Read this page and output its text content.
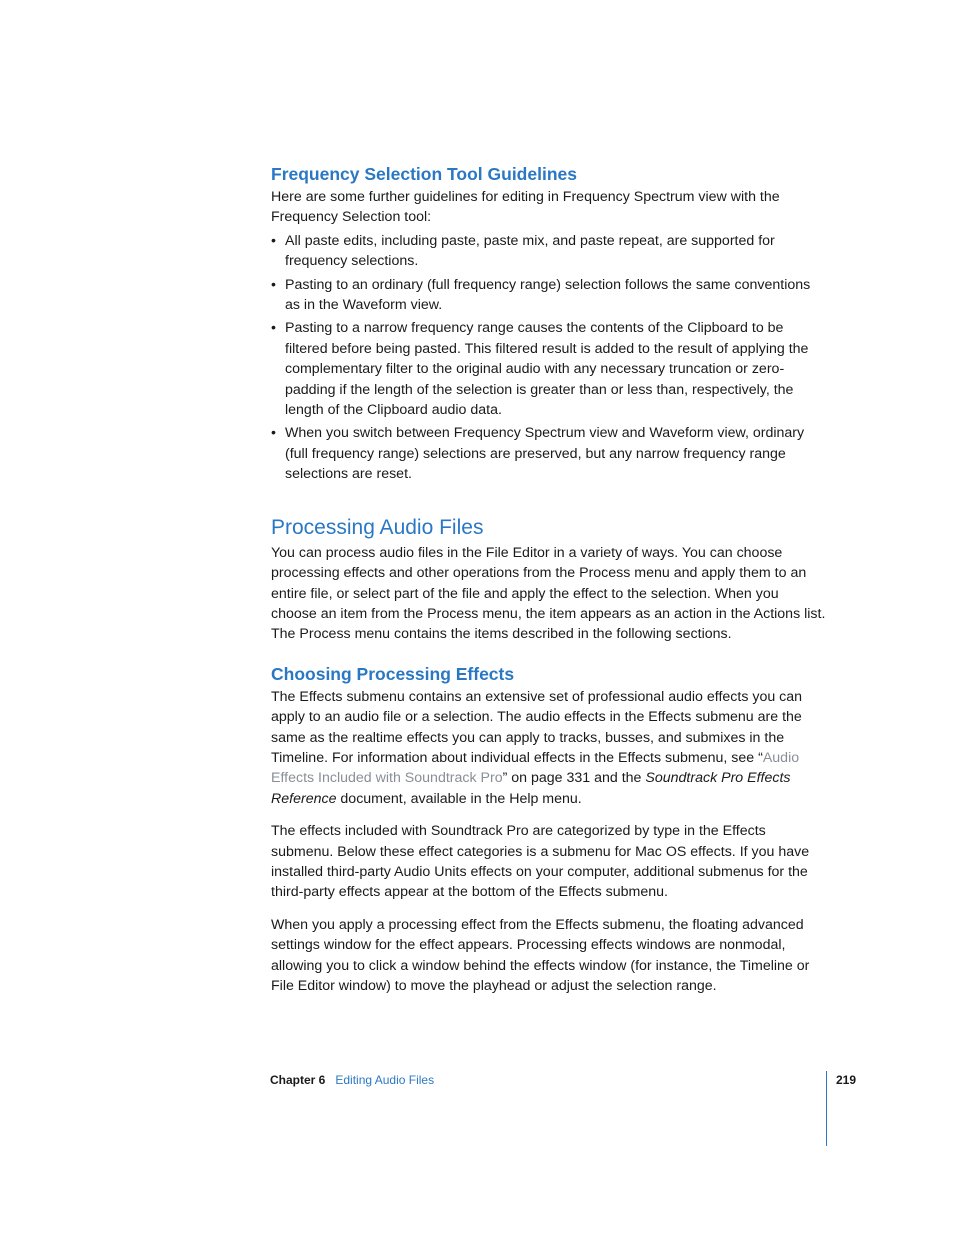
Frequency Selection Tool Guidelines

Here are some further guidelines for editing in Frequency Spectrum view with the Frequency Selection tool:

• All paste edits, including paste, paste mix, and paste repeat, are supported for frequency selections.
• Pasting to an ordinary (full frequency range) selection follows the same conventions as in the Waveform view.
• Pasting to a narrow frequency range causes the contents of the Clipboard to be filtered before being pasted. This filtered result is added to the result of applying the complementary filter to the original audio with any necessary truncation or zero-padding if the length of the selection is greater than or less than, respectively, the length of the Clipboard audio data.
• When you switch between Frequency Spectrum view and Waveform view, ordinary (full frequency range) selections are preserved, but any narrow frequency range selections are reset.
Processing Audio Files

You can process audio files in the File Editor in a variety of ways. You can choose processing effects and other operations from the Process menu and apply them to an entire file, or select part of the file and apply the effect to the selection. When you choose an item from the Process menu, the item appears as an action in the Actions list. The Process menu contains the items described in the following sections.

Choosing Processing Effects

The Effects submenu contains an extensive set of professional audio effects you can apply to an audio file or a selection. The audio effects in the Effects submenu are the same as the realtime effects you can apply to tracks, busses, and submixes in the Timeline. For information about individual effects in the Effects submenu, see “Audio Effects Included with Soundtrack Pro” on page 331 and the Soundtrack Pro Effects Reference document, available in the Help menu.

The effects included with Soundtrack Pro are categorized by type in the Effects submenu. Below these effect categories is a submenu for Mac OS effects. If you have installed third-party Audio Units effects on your computer, additional submenus for the third-party effects appear at the bottom of the Effects submenu.

When you apply a processing effect from the Effects submenu, the floating advanced settings window for the effect appears. Processing effects windows are nonmodal, allowing you to click a window behind the effects window (for instance, the Timeline or File Editor window) to move the playhead or adjust the selection range.

Chapter 6 Editing Audio Files	219
